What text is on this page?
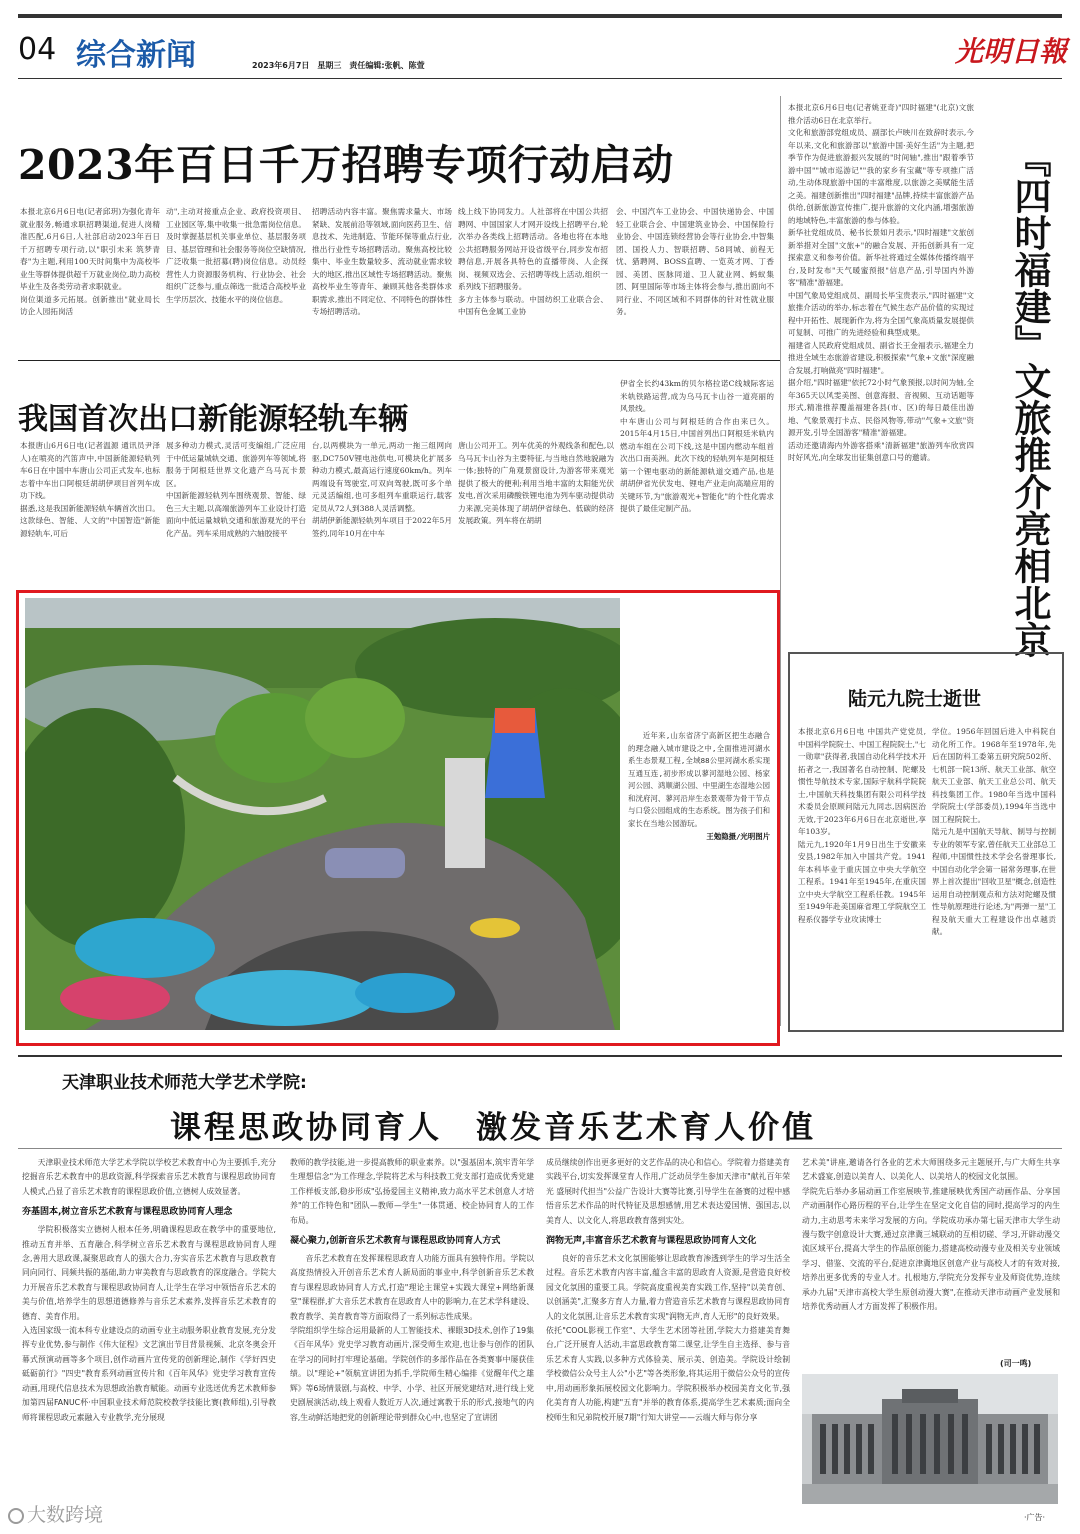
04 综合新闻	2023年6月7日　星期三　责任编辑:张帆、陈萱	光明日報
2023年百日千万招聘专项行动启动
本报北京6月6日电(记者邱玥)为强化青年就业服务,畅通求职招聘渠道,促进人岗精准匹配,6月6日,人社部启动2023年百日千万招聘专项行动,以"职引未来 筑梦青春"为主题,利用100天时间集中为高校毕业生等群体提供超千万就业岗位,助力高校毕业生及各类劳动者求职就业。
岗位渠道多元拓展。创新推出"就业局长访企人园拓岗活
动",主动对接重点企业、政府投资项目、工业园区等,集中收集一批急需岗位信息。及时掌握基层机关事业单位、基层服务项目、基层管理和社会服务等岗位空缺情况,广泛收集一批招募(聘)岗位信息。动员经营性人力资源服务机构、行业协会、社会组织广泛参与,重点筛选一批适合高校毕业生学历层次、技能水平的岗位信息。
招聘活动内容丰富。聚焦需求量大、市场紧缺、发展前沿等领域,面向医药卫生、信息技术、先进制造、节能环保等重点行业,推出行业性专场招聘活动。聚焦高校比较集中、毕业生数量较多、流动就业需求较大的地区,推出区域性专场招聘活动。聚焦高校毕业生等青年、兼顾其他各类群体求职需求,推出不同定位、不同特色的群体性专场招聘活动。
线上线下协同发力。人社部将在中国公共招聘网、中国国家人才网开设线上招聘平台,轮次举办各类线上招聘活动。各地也将在本地公共招聘服务网站开设省级平台,同步发布招聘信息,开展各具特色的直播带岗、人企探岗、视频双选会、云招聘等线上活动,组织一系列线下招聘服务。
多方主体参与联动。中国纺织工业联合会、中国有色金属工业协
会、中国汽车工业协会、中国快递协会、中国轻工业联合会、中国建筑业协会、中国保险行业协会、中国连锁经营协会等行业协会,中智集团、国投人力、智联招聘、58同城、前程无忧、猎聘网、BOSS直聘、一览英才网、丁香园、美团、医脉同道、卫人就业网、蚂蚁集团、阿里国际等市场主体将会参与,推出面向不同行业、不同区域和不同群体的针对性就业服务。
我国首次出口新能源轻轨车辆
伊省全长约43km的贝尔格拉诺C线城际客运米轨铁路运营,成为乌马瓦卡山谷一道亮丽的风景线。
中车唐山公司与阿根廷的合作由来已久。2015年4月15日,中国首列出口阿根廷米轨内燃动车组在公司下线,这是中国内燃动车组首次出口南美洲。此次下线的轻轨列车是阿根廷第一个锂电驱动的新能源轨道交通产品,也是胡胡伊省光伏发电、锂电产业走向高端应用的关键环节,为"旅游观光+智能化"的个性化需求提供了最佳定制产品。
本报唐山6月6日电(记者温源 通讯员尹泽人)在喷亮的汽笛声中,中国新能源轻轨列车6日在中国中车唐山公司正式发车,也标志着中车出口阿根廷胡胡伊项目首列车成功下线。
据悉,这是我国新能源轻轨车辆首次出口。这款绿色、智能、人文的"中国智造"新能源轻轨车,可后
展多种动力模式,灵活可变编组,广泛应用于中低运量城轨交通、旅游列车等领域,将服务于阿根廷世界文化遗产乌马瓦卡景区。
中国新能源轻轨列车围绕观景、智能、绿色三大主题,以高端旅游列车工业设计打造面向中低运量城轨交通和旅游观光的平台化产品。列车采用成熟的六轴胶接平
台,以两模块为一单元,两动一拖三组网向驱,DC750V锂电池供电,可模块化扩展多种动力模式,最高运行速度60km/h。列车两端设有驾驶室,可双向驾驶,既可多个单元灵活编组,也可多组列车重联运行,载客定员从72人到388人灵活调整。
胡胡伊新能源轻轨列车项目于2022年5月签约,同年10月在中车
唐山公司开工。列车优美的外观线条和配色,以乌马瓦卡山谷为主要特征,与当地自然地貌融为一体;独特的广角观景窗设计,为游客带来观光提供了极大的便利;利用当地丰富的太阳能光伏发电,首次采用磷酸铁锂电池为列车驱动提供动力来源,完美体现了胡胡伊省绿色、低碳的经济发展政策。列车将在胡胡

近年来,山东省济宁高新区把生态融合的理念融入城市建设之中,全面推进河湖水系生态景观工程,全域88公里河湖水系实现互通互连,初步形成以蓼河湿地公园、杨家河公园、鸿顺湖公园、中里湖生态湿地公园和洸府河、蓼河沿岸生态景观带为骨干节点与口袋公园组成的生态系统。图为孩子们和家长在当地公园游玩。

王勉隐摄/光明图片
『四时福建』文旅推介亮相北京
本报北京6月6日电(记者姚亚奇)"四时福建"(北京)文旅推介活动6日在北京举行。
文化和旅游部党组成员、副部长卢映川在致辞时表示,今年以来,文化和旅游部以"旅游中国·美好生活"为主题,把季节作为促进旅游振兴发展的"时间轴",推出"跟着季节游中国""城市巡游记""我的家乡有宝藏"等专项推广活动,生动体现旅游中国的丰富维度,以旅游之美赋能生活之美。福建创新推出"四时福建"品牌,持续丰富旅游产品供给,创新旅游宣传推广,提升旅游的文化内涵,增强旅游的地域特色,丰富旅游的参与体验。
新华社党组成员、秘书长景如月表示,"四时福建"文旅创新举措对全国"文旅+"的融合发展、开拓创新具有一定探索意义和参考价值。新华社将通过全媒体传播终端平台,及时发布"天气暖蜜预报"信息产品,引导国内外游客"精准"游福建。
中国气象局党组成员、副局长毕宝贵表示,"四时福建"文旅推介活动的举办,标志着在气候生态产品价值的实现过程中开拓性、展现新作为,将为全国气象高质量发展提供可复制、可推广的先进经验和典型成果。
福建省人民政府党组成员、副省长王金福表示,福建全力推进全域生态旅游省建设,积极探索"气象+文旅"深度融合发展,打响做亮"四时福建"。
据介绍,"四时福建"依托72小时气象预报,以时间为轴,全年365天以风雯美图、创意海报、音视频、互动话题等形式,精准推荐覆盖福建各县(市、区)的每日最佳出游地、气象景观打卡点、民俗风物等,带动"气象+文旅"资源开发,引导全国游客"精准"游福建。
活动还邀请海内外游客搭乘"清新福建"旅游列车欣赏四时好风光,向全球发出征集创意口号的邀请。
陆元九院士逝世
本报北京6月6日电 中国共产党党员,中国科学院院士、中国工程院院士,"七一勋章"获得者,我国自动化科学技术开拓者之一,我国著名自动控制、陀螺及惯性导航技术专家,国际宇航科学院院士,中国航天科技集团有限公司科学技术委员会原顾问陆元九同志,因病医治无效,于2023年6月6日在北京逝世,享年103岁。
陆元九,1920年1月9日出生于安徽来安县,1982年加入中国共产党。1941年本科毕业于重庆国立中央大学航空工程系。1941年至1945年,在重庆国立中央大学航空工程系任教。1945年至1949年赴美国麻省理工学院航空工程系仪器学专业攻读博士
学位。1956年回国后进入中科院自动化所工作。1968年至1978年,先后在国防科工委第五研究院502所、七机部一院13所、航天工业部、航空航天工业部、航天工业总公司、航天科技集团工作。1980年当选中国科学院院士(学部委员),1994年当选中国工程院院士。
陆元九是中国航天导航、制导与控制专业的领军专家,曾任航天工业部总工程师,中国惯性技术学会名誉理事长,中国自动化学会第一届常务理事,在世界上首次提出"回收卫星"概念,创造性运用自动控制观点和方法对陀螺及惯性导航原理进行论述,为"两弹一星"工程及航天重大工程建设作出卓越贡献。
天津职业技术师范大学艺术学院:
课程思政协同育人　激发音乐艺术育人价值
天津职业技术师范大学艺术学院以学校艺术教育中心为主要抓手,充分挖掘音乐艺术教育中的思政资源,科学探索音乐艺术教育与课程思政协同育人模式,凸显了音乐艺术教育的课程思政价值,立德树人成效显著。
夯基固本,树立音乐艺术教育与课程思政协同育人理念
学院积极落实立德树人根本任务,明确课程思政在教学中的重要地位,推动五育并举、五育融合,科学树立音乐艺术教育与课程思政协同育人理念,善用大思政课,凝聚思政育人的强大合力,夯实音乐艺术教育与思政教育同向同行、同频共振的基础,助力审美教育与思政教育的深度融合。学院大力开展音乐艺术教育与课程思政协同育人,让学生在学习中领悟音乐艺术的美与价值,培养学生的思想道德修养与音乐艺术素养,发挥音乐艺术教育的德育、美育作用。
入选国家级一流本科专业建设点的动画专业主动服务职业教育发展,充分发挥专业优势,参与制作《伟大征程》文艺演出节目背景视频、北京冬奥会开幕式预演动画等多个项目,创作动画片宣传党的创新理论,制作《学好四史砥砺前行》"四史"教育系列动画宣传片和《百年风华》党史学习教育宣传动画,用现代信息技术为思想政治教育赋能。动画专业选送优秀艺术教师参加第四届FANUC杯·中国职业技术师范院校教学技能比赛(教师组),引导教师将课程思政元素融入专业教学,充分展现
教师的教学技能,进一步提高教师的职业素养。以"强基固本,筑牢青年学生理想信念"为工作理念,学院将艺术与科技教工党支部打造成优秀党建工作样板支部,稳步形成"弘扬爱国主义精神,致力高水平艺术创意人才培养"的工作特色和"团队—教师—学生"一体贯通、校企协同育人的工作布局。
凝心聚力,创新音乐艺术教育与课程思政协同育人方式
音乐艺术教育在发挥课程思政育人功能方面具有独特作用。学院以高度热情投入开创音乐艺术育人新局面的事业中,科学创新音乐艺术教育与课程思政协同育人方式,打造"理论主课堂+实践大课堂+网络新课堂"课程群,扩大音乐艺术教育在思政育人中的影响力,在艺术学科建设、教育教学、美育教育等方面取得了一系列标志性成果。
学院组织学生综合运用最新的人工智能技术、裸眼3D技术,创作了19集《百年风华》党史学习教育动画片,深受师生欢迎,也让参与创作的团队在学习的同时打牢理论基础。学院创作的多部作品在各类赛事中屡获佳绩。以"理论+"领航宣讲团为抓手,学院师生精心编排《觉醒年代之雄辉》等6场情景剧,与高校、中学、小学、社区开展党建结对,进行线上党史剧展演活动,线上观看人数近万人次,通过寓教于乐的形式,接地气的内容,生动鲜活地把党的创新理论带到群众心中,也坚定了宣讲团
成员继续创作出更多更好的文艺作品的决心和信心。学院着力搭建美育实践平台,切实发挥课堂育人作用,广泛动员学生参加天津市"献礼百年荣光 盛展时代担当"公益广告设计大赛等比赛,引导学生在备赛的过程中感悟音乐艺术作品的时代特征及思想感情,用艺术表达爱国情、强国志,以美育人、以文化人,将思政教育落到实处。
润物无声,丰富音乐艺术教育与课程思政协同育人文化
良好的音乐艺术文化氛围能够让思政教育渗透到学生的学习生活全过程。音乐艺术教育内容丰富,蕴含丰富的思政育人资源,是营造良好校园文化氛围的重要工具。学院高度重视美育实践工作,坚持"以美育创、以创涵美",汇聚多方育人力量,着力营造音乐艺术教育与课程思政协同育人的文化氛围,让音乐艺术教育实现"润物无声,育人无形"的良好效果。
依托"COOL影视工作室"、大学生艺术团等社团,学院大力搭建美育舞台,广泛开展育人活动,丰富思政教育第二课堂,让学生自主选择、参与音乐艺术育人实践,以多种方式体验美、展示美、创造美。学院设计绘制学校微信公众号主人公"小艺"等各类形象,将其运用于微信公众号的宣传中,用动画形象拓展校园文化影响力。学院积极举办校园美育文化节,强化美育育人功能,构建"五育"并举的教育体系,提高学生艺术素质;面向全校师生和兄弟院校开展7期"行知大讲堂——云端大师与你分享
艺术美"讲座,邀请各行各业的艺术大师围绕多元主题展开,与广大师生共享艺术盛宴,创造以美育人、以美化人、以美培人的校园文化氛围。
学院先后举办多届动画工作室展映节,推建展映优秀国产动画作品、分享国产动画制作心路历程的平台,让学生在坚定文化自信的同时,提高学习的内生动力,主动思考未来学习发展的方向。学院成功承办第七届天津市大学生动漫与数字创意设计大赛,通过京津冀三城联动的互相切磋、学习,开辟动漫交流区域平台,提高大学生的作品原创能力,搭建高校动漫专业及相关专业领域学习、借鉴、交流的平台,促进京津冀地区创意产业与高校人才的有效对接,培养出更多优秀的专业人才。扎根地方,学院充分发挥专业及师资优势,连续承办九届"天津市高校大学生原创动漫大赛",在推动天津市动画产业发展和培养优秀动画人才方面发挥了积极作用。
(司一鸣)
·广告·
大数跨境
